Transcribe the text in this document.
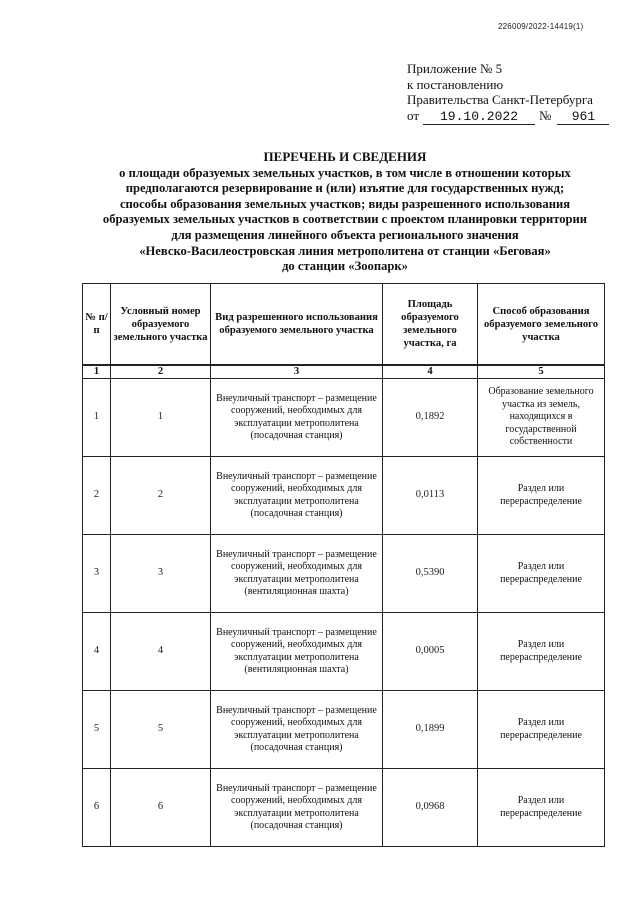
226009/2022-14419(1)
Приложение № 5
к постановлению
Правительства Санкт-Петербурга
от	19.10.2022	№	961
ПЕРЕЧЕНЬ И СВЕДЕНИЯ
о площади образуемых земельных участков, в том числе в отношении которых
предполагаются резервирование и (или) изъятие для государственных нужд;
способы образования земельных участков; виды разрешенного использования
образуемых земельных участков в соответствии с проектом планировки территории
для размещения линейного объекта регионального значения
«Невско-Василеостровская линия метрополитена от станции «Беговая»
до станции «Зоопарк»
№ п/п	Условный номер образуемого земельного участка	Вид разрешенного использования образуемого земельного участка	Площадь образуемого земельного участка, га	Способ образования образуемого земельного участка
1	2	3	4	5
1	1	Внеуличный транспорт – размещение сооружений, необходимых для эксплуатации метрополитена (посадочная станция)	0,1892	Образование земельного участка из земель, находящихся в государственной собственности
2	2	Внеуличный транспорт – размещение сооружений, необходимых для эксплуатации метрополитена (посадочная станция)	0,0113	Раздел или перераспределение
3	3	Внеуличный транспорт – размещение сооружений, необходимых для эксплуатации метрополитена (вентиляционная шахта)	0,5390	Раздел или перераспределение
4	4	Внеуличный транспорт – размещение сооружений, необходимых для эксплуатации метрополитена (вентиляционная шахта)	0,0005	Раздел или перераспределение
5	5	Внеуличный транспорт – размещение сооружений, необходимых для эксплуатации метрополитена (посадочная станция)	0,1899	Раздел или перераспределение
6	6	Внеуличный транспорт – размещение сооружений, необходимых для эксплуатации метрополитена (посадочная станция)	0,0968	Раздел или перераспределение
